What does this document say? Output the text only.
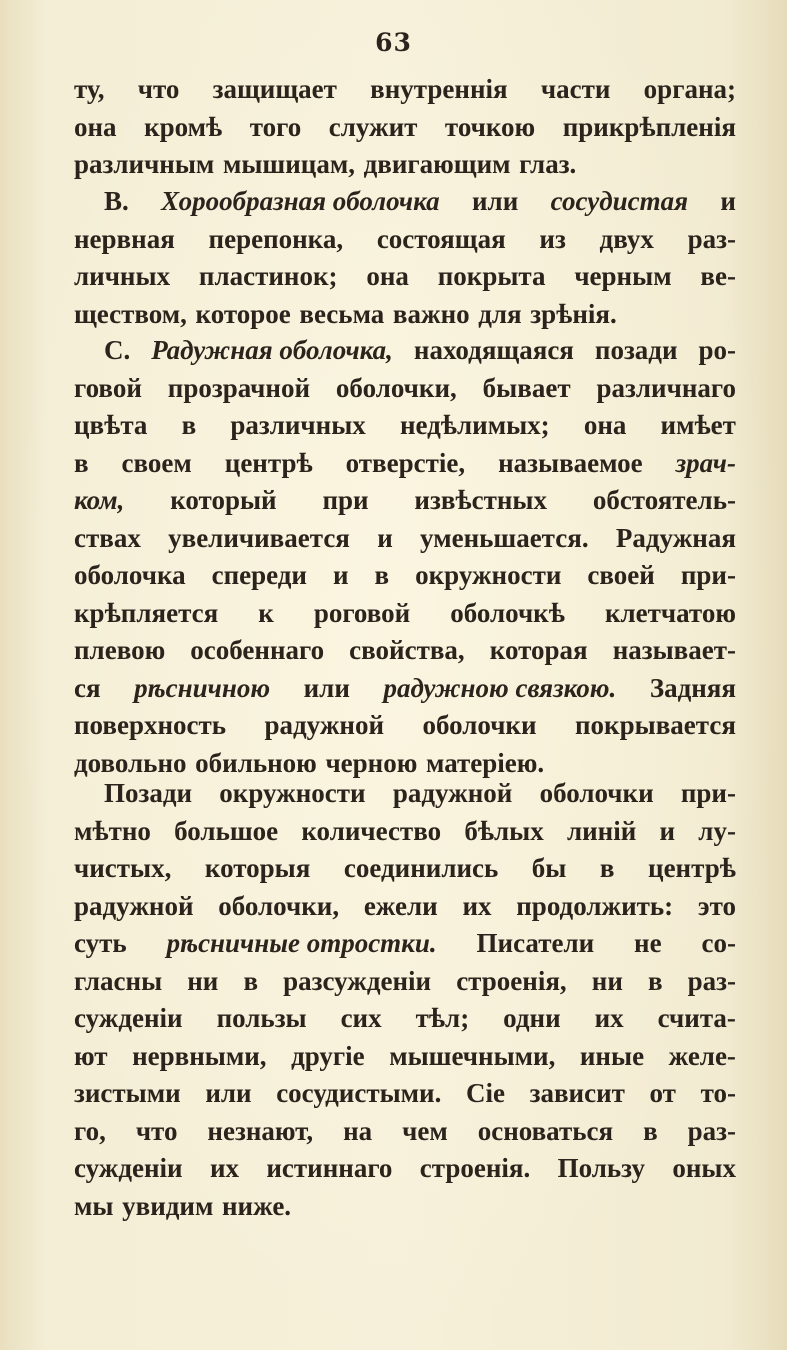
63
ту, что защищает внутреннія части органа;
она кромѣ того служит точкою прикрѣпленія
различным мышицам, двигающим глаз.
B. Хорообразная оболочка или сосудистая и
нервная перепонка, состоящая из двух раз-
личных пластинок; она покрыта черным ве-
ществом, которое весьма важно для зрѣнія.
C. Радужная оболочка, находящаяся позади ро-
говой прозрачной оболочки, бывает различнаго
цвѣта в различных недѣлимых; она имѣет
в своем центрѣ отверстіе, называемое зрач-
ком, который при извѣстных обстоятель-
ствах увеличивается и уменьшается. Радужная
оболочка спереди и в окружности своей при-
крѣпляется к роговой оболочкѣ клетчатою
плевою особеннаго свойства, которая называет-
ся рѣсничною или радужною связкою. Задняя
поверхность радужной оболочки покрывается
довольно обильною черною матеріею.
Позади окружности радужной оболочки при-
мѣтно большое количество бѣлых линій и лу-
чистых, которыя соединились бы в центрѣ
радужной оболочки, ежели их продолжить: это
суть рѣсничные отростки. Писатели не со-
гласны ни в разсужденіи строенія, ни в раз-
сужденіи пользы сих тѣл; одни их счита-
ют нервными, другіе мышечными, иные желе-
зистыми или сосудистыми. Сіе зависит от то-
го, что незнают, на чем основаться в раз-
сужденіи их истиннаго строенія. Пользу оных
мы увидим ниже.
